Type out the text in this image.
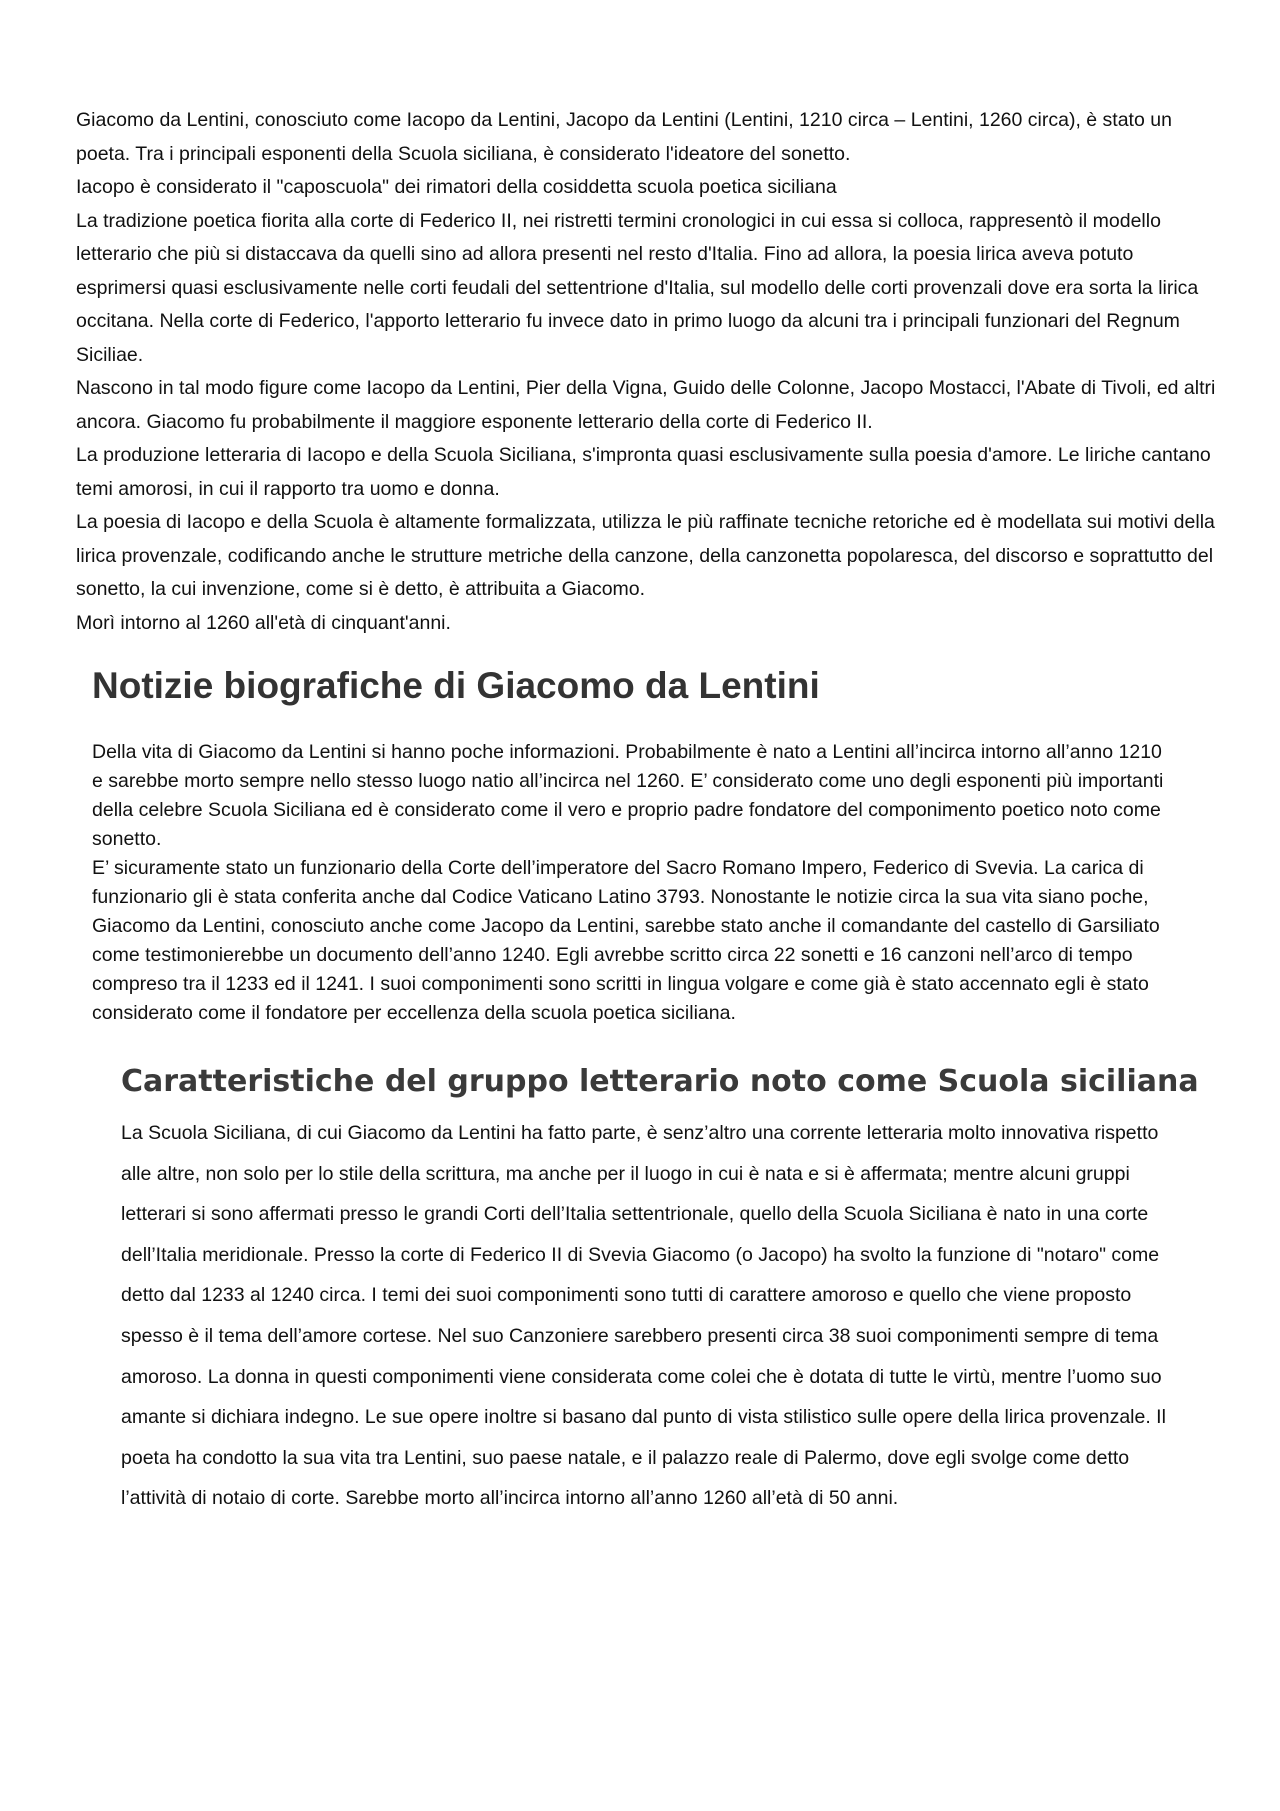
Giacomo da Lentini, conosciuto come Iacopo da Lentini, Jacopo da Lentini (Lentini, 1210 circa – Lentini, 1260 circa), è stato un poeta. Tra i principali esponenti della Scuola siciliana, è considerato l'ideatore del sonetto.

Iacopo è considerato il "caposcuola" dei rimatori della cosiddetta scuola poetica siciliana

La tradizione poetica fiorita alla corte di Federico II, nei ristretti termini cronologici in cui essa si colloca, rappresentò il modello letterario che più si distaccava da quelli sino ad allora presenti nel resto d'Italia. Fino ad allora, la poesia lirica aveva potuto esprimersi quasi esclusivamente nelle corti feudali del settentrione d'Italia, sul modello delle corti provenzali dove era sorta la lirica occitana. Nella corte di Federico, l'apporto letterario fu invece dato in primo luogo da alcuni tra i principali funzionari del Regnum Siciliae.

Nascono in tal modo figure come Iacopo da Lentini, Pier della Vigna, Guido delle Colonne, Jacopo Mostacci, l'Abate di Tivoli, ed altri ancora. Giacomo fu probabilmente il maggiore esponente letterario della corte di Federico II.

La produzione letteraria di Iacopo e della Scuola Siciliana, s'impronta quasi esclusivamente sulla poesia d'amore. Le liriche cantano temi amorosi, in cui il rapporto tra uomo e donna.

La poesia di Iacopo e della Scuola è altamente formalizzata, utilizza le più raffinate tecniche retoriche ed è modellata sui motivi della lirica provenzale, codificando anche le strutture metriche della canzone, della canzonetta popolaresca, del discorso e soprattutto del sonetto, la cui invenzione, come si è detto, è attribuita a Giacomo.

Morì intorno al 1260 all'età di cinquant'anni.

Notizie biografiche di Giacomo da Lentini

Della vita di Giacomo da Lentini si hanno poche informazioni. Probabilmente è nato a Lentini all’incirca intorno all’anno 1210 e sarebbe morto sempre nello stesso luogo natio all’incirca nel 1260. E’ considerato come uno degli esponenti più importanti della celebre Scuola Siciliana ed è considerato come il vero e proprio padre fondatore del componimento poetico noto come sonetto.

E’ sicuramente stato un funzionario della Corte dell’imperatore del Sacro Romano Impero, Federico di Svevia. La carica di funzionario gli è stata conferita anche dal Codice Vaticano Latino 3793. Nonostante le notizie circa la sua vita siano poche, Giacomo da Lentini, conosciuto anche come Jacopo da Lentini, sarebbe stato anche il comandante del castello di Garsiliato come testimonierebbe un documento dell’anno 1240. Egli avrebbe scritto circa 22 sonetti e 16 canzoni nell’arco di tempo compreso tra il 1233 ed il 1241. I suoi componimenti sono scritti in lingua volgare e come già è stato accennato egli è stato considerato come il fondatore per eccellenza della scuola poetica siciliana.

Caratteristiche del gruppo letterario noto come Scuola siciliana

La Scuola Siciliana, di cui Giacomo da Lentini ha fatto parte, è senz’altro una corrente letteraria molto innovativa rispetto alle altre, non solo per lo stile della scrittura, ma anche per il luogo in cui è nata e si è affermata; mentre alcuni gruppi letterari si sono affermati presso le grandi Corti dell’Italia settentrionale, quello della Scuola Siciliana è nato in una corte dell’Italia meridionale. Presso la corte di Federico II di Svevia Giacomo (o Jacopo) ha svolto la funzione di "notaro" come detto dal 1233 al 1240 circa. I temi dei suoi componimenti sono tutti di carattere amoroso e quello che viene proposto spesso è il tema dell’amore cortese. Nel suo Canzoniere sarebbero presenti circa 38 suoi componimenti sempre di tema amoroso. La donna in questi componimenti viene considerata come colei che è dotata di tutte le virtù, mentre l’uomo suo amante si dichiara indegno. Le sue opere inoltre si basano dal punto di vista stilistico sulle opere della lirica provenzale. Il poeta ha condotto la sua vita tra Lentini, suo paese natale, e il palazzo reale di Palermo, dove egli svolge come detto l’attività di notaio di corte. Sarebbe morto all’incirca intorno all’anno 1260 all’età di 50 anni.
